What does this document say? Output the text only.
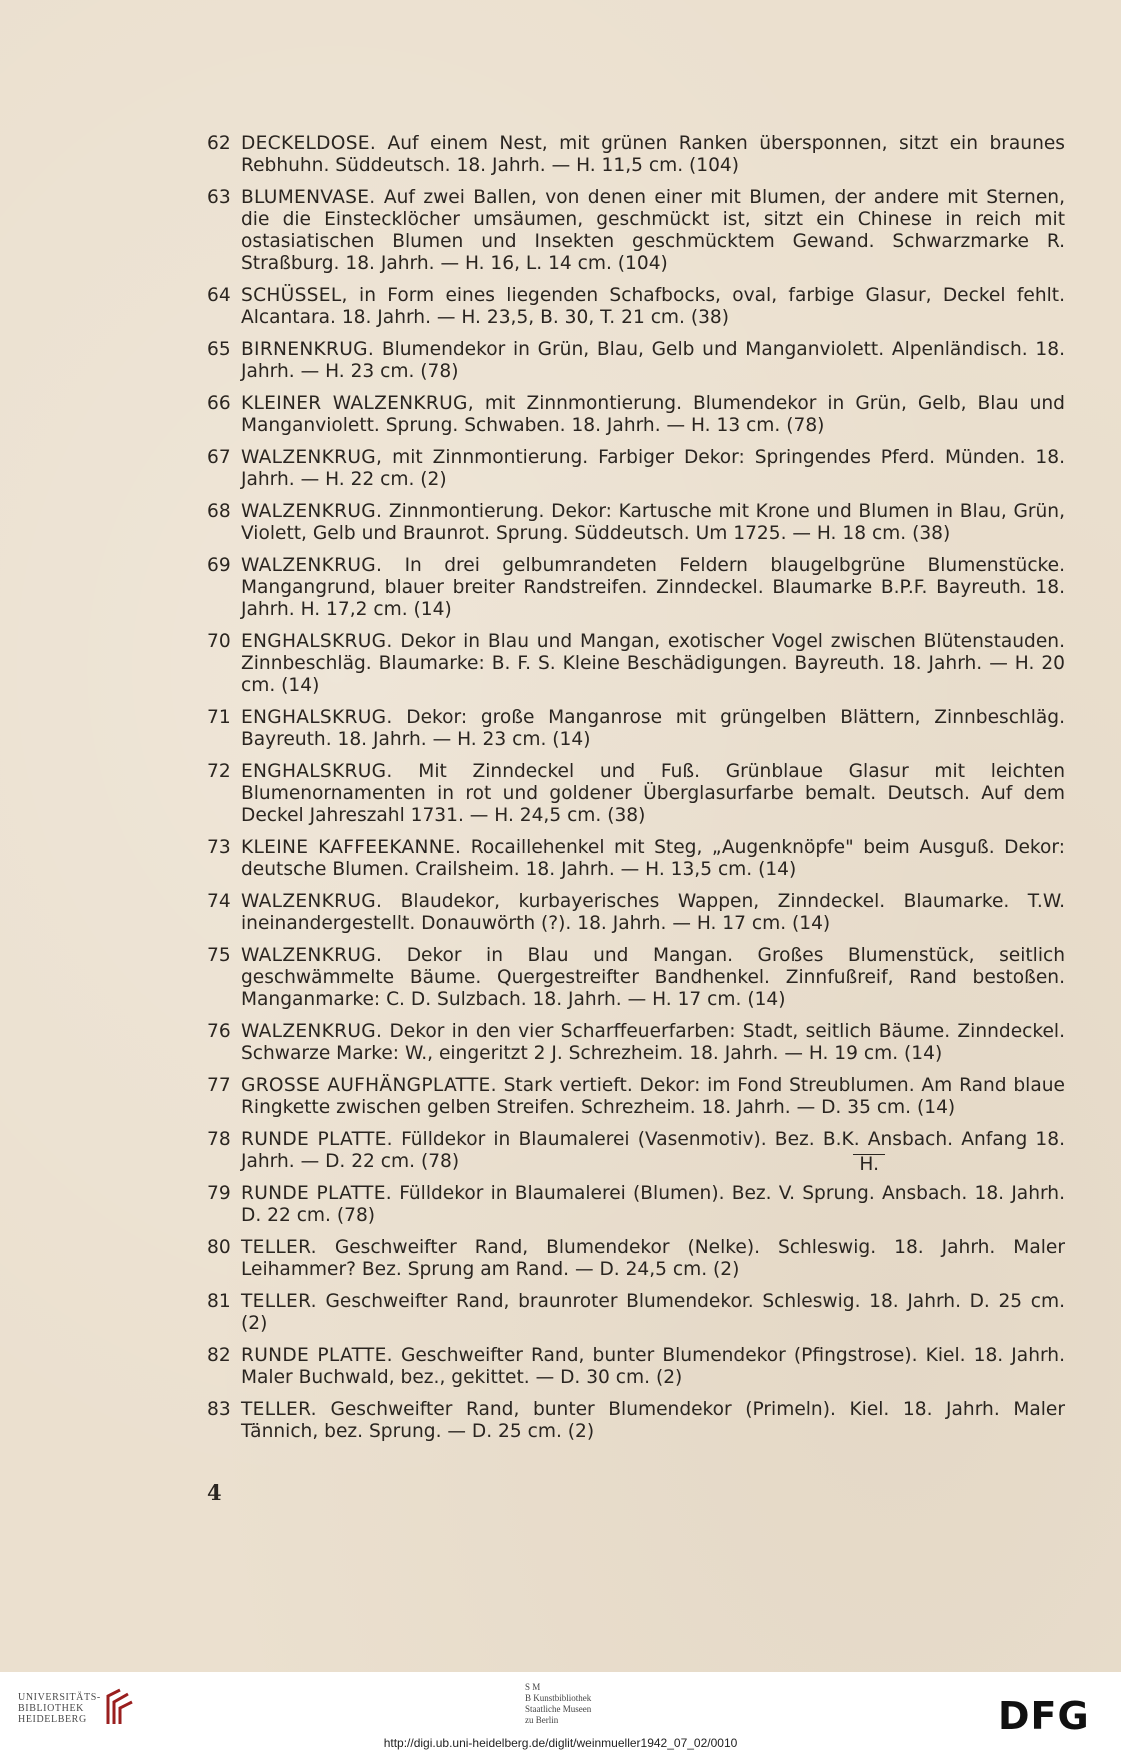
62 DECKELDOSE. Auf einem Nest, mit grünen Ranken übersponnen, sitzt ein braunes Rebhuhn. Süddeutsch. 18. Jahrh. — H. 11,5 cm. (104)
63 BLUMENVASE. Auf zwei Ballen, von denen einer mit Blumen, der andere mit Sternen, die die Einstecklöcher umsäumen, geschmückt ist, sitzt ein Chinese in reich mit ostasiatischen Blumen und Insekten geschmücktem Gewand. Schwarzmarke R. Straßburg. 18. Jahrh. — H. 16, L. 14 cm. (104)
64 SCHÜSSEL, in Form eines liegenden Schafbocks, oval, farbige Glasur, Deckel fehlt. Alcantara. 18. Jahrh. — H. 23,5, B. 30, T. 21 cm. (38)
65 BIRNENKRUG. Blumendekor in Grün, Blau, Gelb und Manganviolett. Alpenländisch. 18. Jahrh. — H. 23 cm. (78)
66 KLEINER WALZENKRUG, mit Zinnmontierung. Blumendekor in Grün, Gelb, Blau und Manganviolett. Sprung. Schwaben. 18. Jahrh. — H. 13 cm. (78)
67 WALZENKRUG, mit Zinnmontierung. Farbiger Dekor: Springendes Pferd. Münden. 18. Jahrh. — H. 22 cm. (2)
68 WALZENKRUG. Zinnmontierung. Dekor: Kartusche mit Krone und Blumen in Blau, Grün, Violett, Gelb und Braunrot. Sprung. Süddeutsch. Um 1725. — H. 18 cm. (38)
69 WALZENKRUG. In drei gelbumrandeten Feldern blaugelbgrüne Blumenstücke. Mangangrund, blauer breiter Randstreifen. Zinndeckel. Blaumarke B.P.F. Bayreuth. 18. Jahrh. H. 17,2 cm. (14)
70 ENGHALSKRUG. Dekor in Blau und Mangan, exotischer Vogel zwischen Blütenstauden. Zinnbeschläg. Blaumarke: B. F. S. Kleine Beschädigungen. Bayreuth. 18. Jahrh. — H. 20 cm. (14)
71 ENGHALSKRUG. Dekor: große Manganrose mit grüngelben Blättern, Zinnbeschläg. Bayreuth. 18. Jahrh. — H. 23 cm. (14)
72 ENGHALSKRUG. Mit Zinndeckel und Fuß. Grünblaue Glasur mit leichten Blumenornamenten in rot und goldener Überglasurfarbe bemalt. Deutsch. Auf dem Deckel Jahreszahl 1731. — H. 24,5 cm. (38)
73 KLEINE KAFFEEKANNE. Rocaillehenkel mit Steg, „Augenknöpfe" beim Ausguß. Dekor: deutsche Blumen. Crailsheim. 18. Jahrh. — H. 13,5 cm. (14)
74 WALZENKRUG. Blaudekor, kurbayerisches Wappen, Zinndeckel. Blaumarke. T.W. ineinandergestellt. Donauwörth (?). 18. Jahrh. — H. 17 cm. (14)
75 WALZENKRUG. Dekor in Blau und Mangan. Großes Blumenstück, seitlich geschwämmelte Bäume. Quergestreifter Bandhenkel. Zinnfußreif, Rand bestoßen. Manganmarke: C. D. Sulzbach. 18. Jahrh. — H. 17 cm. (14)
76 WALZENKRUG. Dekor in den vier Scharffeuerfarben: Stadt, seitlich Bäume. Zinndeckel. Schwarze Marke: W., eingeritzt 2 J. Schrezheim. 18. Jahrh. — H. 19 cm. (14)
77 GROSSE AUFHÄNGPLATTE. Stark vertieft. Dekor: im Fond Streublumen. Am Rand blaue Ringkette zwischen gelben Streifen. Schrezheim. 18. Jahrh. — D. 35 cm. (14)
78 RUNDE PLATTE. Fülldekor in Blaumalerei (Vasenmotiv). Bez. B.K. Ansbach. Anfang 18. Jahrh. — D. 22 cm. (78)	H.
79 RUNDE PLATTE. Fülldekor in Blaumalerei (Blumen). Bez. V. Sprung. Ansbach. 18. Jahrh. D. 22 cm. (78)
80 TELLER. Geschweifter Rand, Blumendekor (Nelke). Schleswig. 18. Jahrh. Maler Leihammer? Bez. Sprung am Rand. — D. 24,5 cm. (2)
81 TELLER. Geschweifter Rand, braunroter Blumendekor. Schleswig. 18. Jahrh. D. 25 cm. (2)
82 RUNDE PLATTE. Geschweifter Rand, bunter Blumendekor (Pfingstrose). Kiel. 18. Jahrh. Maler Buchwald, bez., gekittet. — D. 30 cm. (2)
83 TELLER. Geschweifter Rand, bunter Blumendekor (Primeln). Kiel. 18. Jahrh. Maler Tännich, bez. Sprung. — D. 25 cm. (2)
4
UNIVERSITÄTS-
BIBLIOTHEK
HEIDELBERG
S M
B Kunstbibliothek
Staatliche Museen
zu Berlin	DFG
http://digi.ub.uni-heidelberg.de/diglit/weinmueller1942_07_02/0010
